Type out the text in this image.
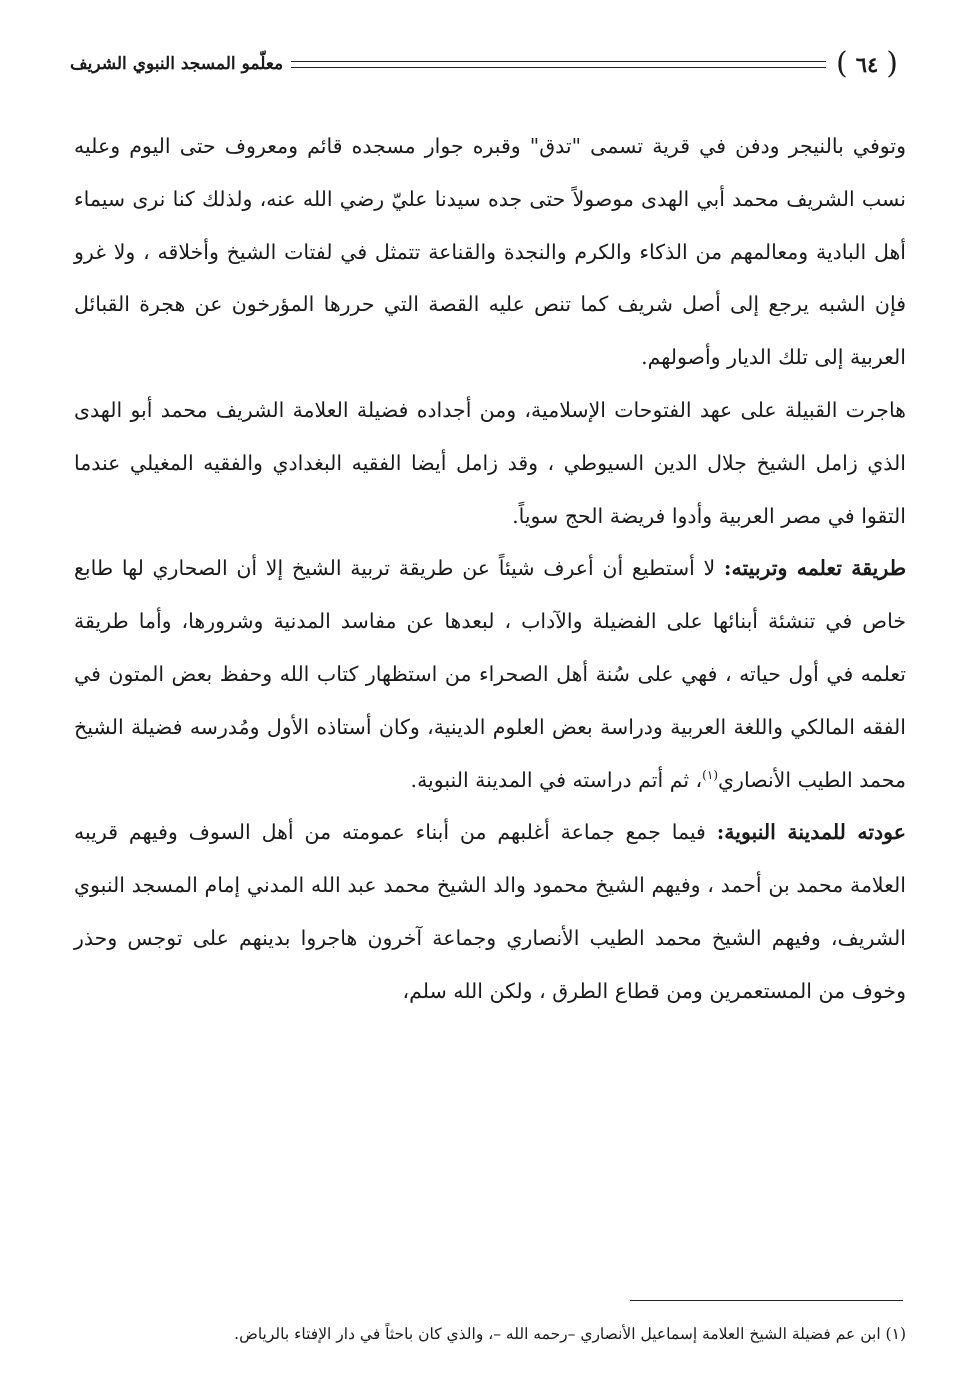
(
٦٤
)
معلّمو المسجد النبوي الشريف

وتوفي بالنيجر ودفن في قرية تسمى "تدق" وقبره جوار مسجده قائم ومعروف حتى اليوم وعليه نسب الشريف محمد أبي الهدى موصولاً حتى جده سيدنا عليّ رضي الله عنه، ولذلك كنا نرى سيماء أهل البادية ومعالمهم من الذكاء والكرم والنجدة والقناعة تتمثل في لفتات الشيخ وأخلاقه ، ولا غرو فإن الشبه يرجع إلى أصل شريف كما تنص عليه القصة التي حررها المؤرخون عن هجرة القبائل العربية إلى تلك الديار وأصولهم.

هاجرت القبيلة على عهد الفتوحات الإسلامية، ومن أجداده فضيلة العلامة الشريف محمد أبو الهدى الذي زامل الشيخ جلال الدين السيوطي ، وقد زامل أيضا الفقيه البغدادي والفقيه المغيلي عندما التقوا في مصر العربية وأدوا فريضة الحج سوياً.

طريقة تعلمه وتربيته: لا أستطيع أن أعرف شيئاً عن طريقة تربية الشيخ إلا أن الصحاري لها طابع خاص في تنشئة أبنائها على الفضيلة والآداب ، لبعدها عن مفاسد المدنية وشرورها، وأما طريقة تعلمه في أول حياته ، فهي على سُنة أهل الصحراء من استظهار كتاب الله وحفظ بعض المتون في الفقه المالكي واللغة العربية ودراسة بعض العلوم الدينية، وكان أستاذه الأول ومُدرسه فضيلة الشيخ محمد الطيب الأنصاري$^{(١)}$، ثم أتم دراسته في المدينة النبوية.

عودته للمدينة النبوية: فيما جمع جماعة أغلبهم من أبناء عمومته من أهل السوف وفيهم قريبه العلامة محمد بن أحمد ، وفيهم الشيخ محمود والد الشيخ محمد عبد الله المدني إمام المسجد النبوي الشريف، وفيهم الشيخ محمد الطيب الأنصاري وجماعة آخرون هاجروا بدينهم على توجس وحذر وخوف من المستعمرين ومن قطاع الطرق ، ولكن الله سلم،

(١) ابن عم فضيلة الشيخ العلامة إسماعيل الأنصاري –رحمه الله –، والذي كان باحثاً في دار الإفتاء بالرياض.
